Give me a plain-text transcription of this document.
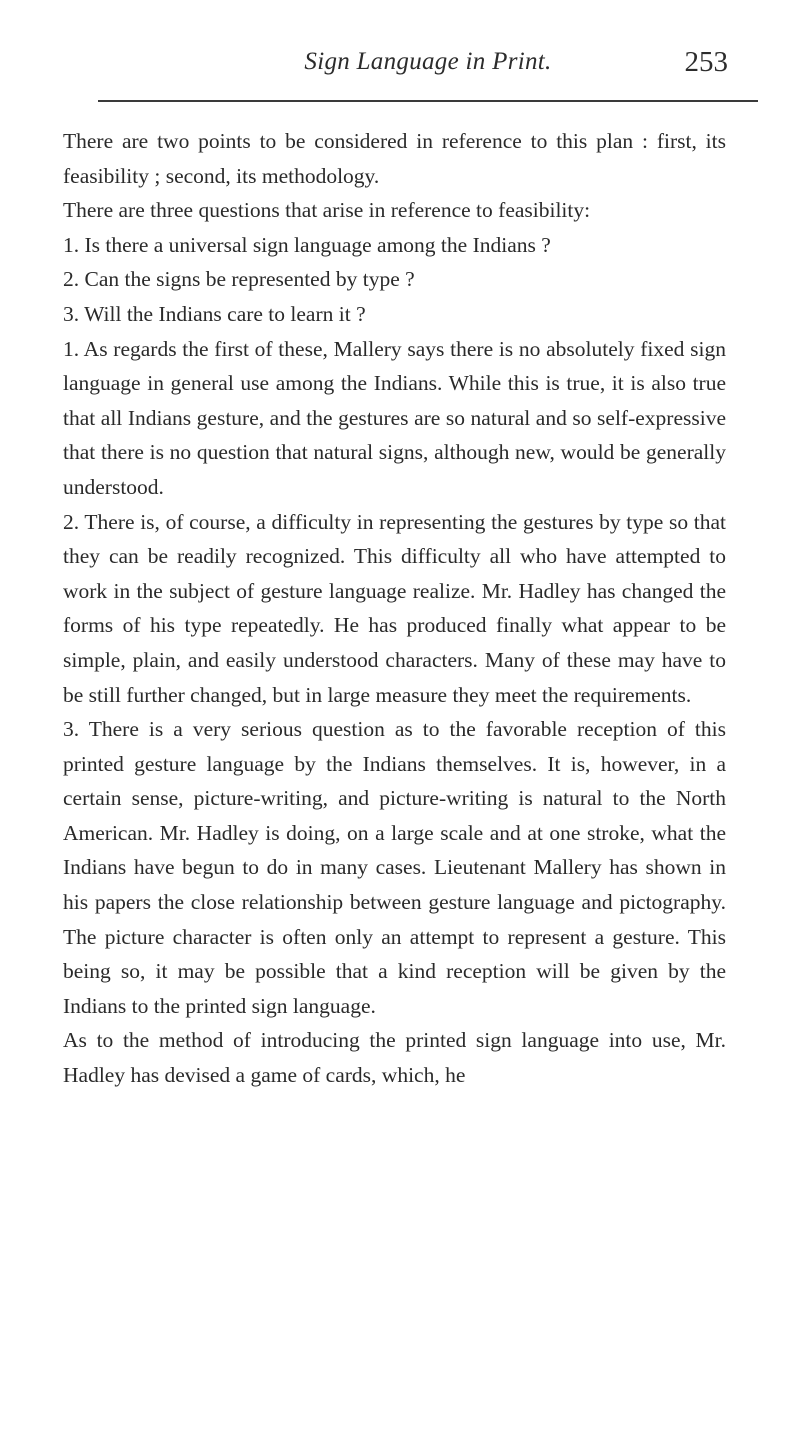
Sign Language in Print.	253

There are two points to be considered in reference to this plan : first, its feasibility ; second, its methodology.

There are three questions that arise in reference to feasibility:

1. Is there a universal sign language among the Indians ?

2. Can the signs be represented by type ?

3. Will the Indians care to learn it ?

1. As regards the first of these, Mallery says there is no absolutely fixed sign language in general use among the Indians. While this is true, it is also true that all Indians gesture, and the gestures are so natural and so self-expressive that there is no question that natural signs, although new, would be generally understood.

2. There is, of course, a difficulty in representing the gestures by type so that they can be readily recognized. This difficulty all who have attempted to work in the subject of gesture language realize. Mr. Hadley has changed the forms of his type repeatedly. He has produced finally what appear to be simple, plain, and easily understood characters. Many of these may have to be still further changed, but in large measure they meet the requirements.

3. There is a very serious question as to the favorable reception of this printed gesture language by the Indians themselves. It is, however, in a certain sense, picture-writing, and picture-writing is natural to the North American. Mr. Hadley is doing, on a large scale and at one stroke, what the Indians have begun to do in many cases. Lieutenant Mallery has shown in his papers the close relationship between gesture language and pictography. The picture character is often only an attempt to represent a gesture. This being so, it may be possible that a kind reception will be given by the Indians to the printed sign language.

As to the method of introducing the printed sign language into use, Mr. Hadley has devised a game of cards, which, he
